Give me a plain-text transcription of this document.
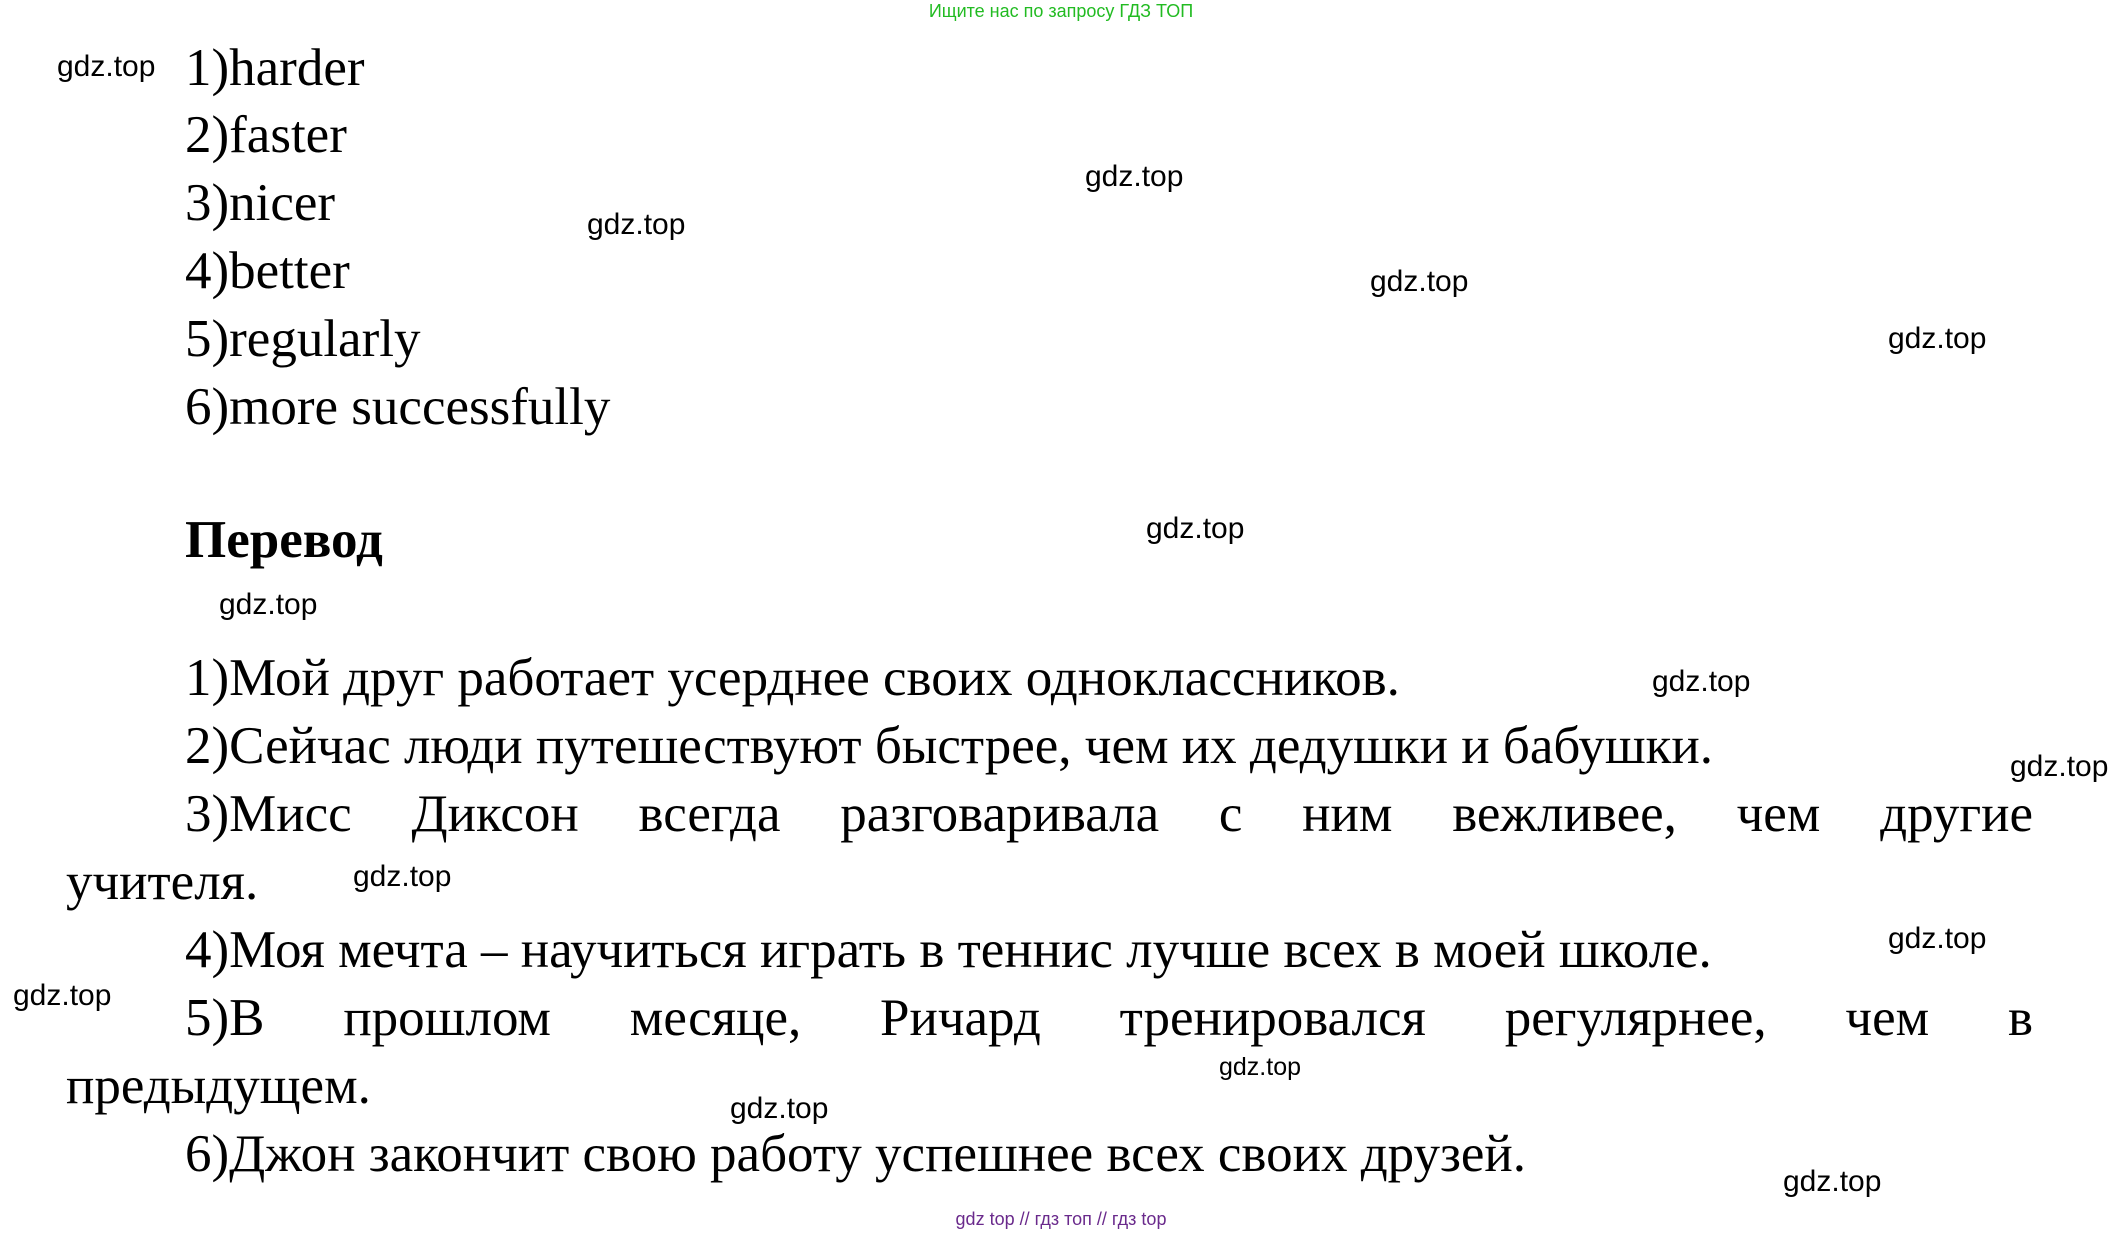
Ищите нас по запросу ГДЗ ТОП
1)harder
2)faster
3)nicer
4)better
5)regularly
6)more successfully
Перевод
1)Мой друг работает усерднее своих одноклассников.
2)Сейчас люди путешествуют быстрее, чем их дедушки и бабушки.
3)Мисс Диксон всегда разговаривала с ним вежливее, чем другие
учителя.
4)Моя мечта – научиться играть в теннис лучше всех в моей школе.
5)В прошлом месяце, Ричард тренировался регулярнее, чем в
предыдущем.
6)Джон закончит свою работу успешнее всех своих друзей.
gdz.top
gdz.top
gdz.top
gdz.top
gdz.top
gdz.top
gdz.top
gdz.top
gdz.top
gdz.top
gdz.top
gdz.top
gdz.top
gdz.top
gdz.top
gdz top // гдз топ // гдз top
